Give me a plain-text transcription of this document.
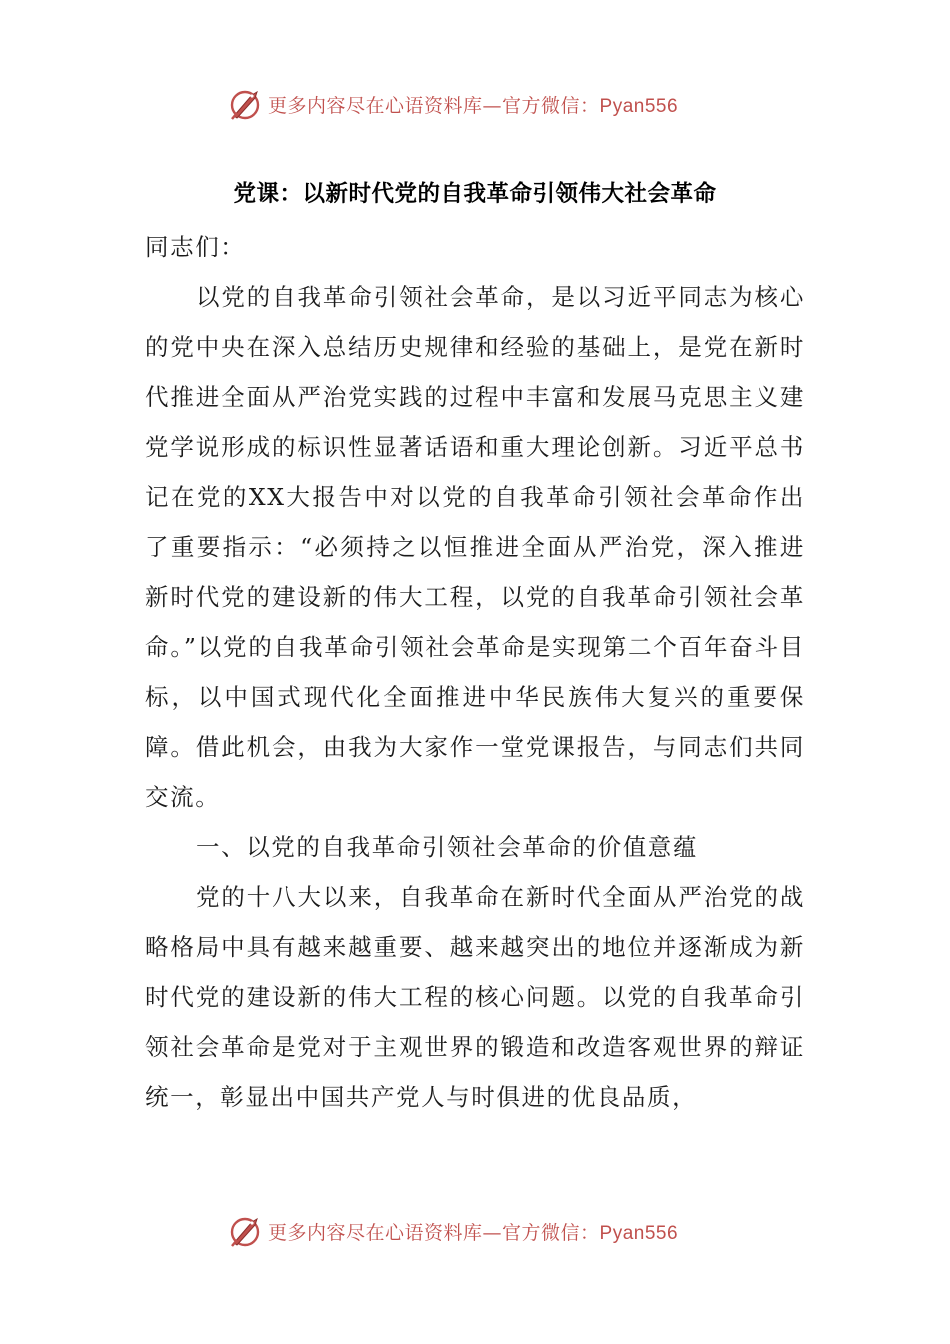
更多内容尽在心语资料库—官方微信：Pyan556
党课：以新时代党的自我革命引领伟大社会革命

同志们：

以党的自我革命引领社会革命，是以习近平同志为核心的党中央在深入总结历史规律和经验的基础上，是党在新时代推进全面从严治党实践的过程中丰富和发展马克思主义建党学说形成的标识性显著话语和重大理论创新。习近平总书记在党的XX大报告中对以党的自我革命引领社会革命作出了重要指示：“必须持之以恒推进全面从严治党，深入推进新时代党的建设新的伟大工程，以党的自我革命引领社会革命。”以党的自我革命引领社会革命是实现第二个百年奋斗目标，以中国式现代化全面推进中华民族伟大复兴的重要保障。借此机会，由我为大家作一堂党课报告，与同志们共同交流。

一、以党的自我革命引领社会革命的价值意蕴

党的十八大以来，自我革命在新时代全面从严治党的战略格局中具有越来越重要、越来越突出的地位并逐渐成为新时代党的建设新的伟大工程的核心问题。以党的自我革命引领社会革命是党对于主观世界的锻造和改造客观世界的辩证统一，彰显出中国共产党人与时俱进的优良品质，

更多内容尽在心语资料库—官方微信：Pyan556
